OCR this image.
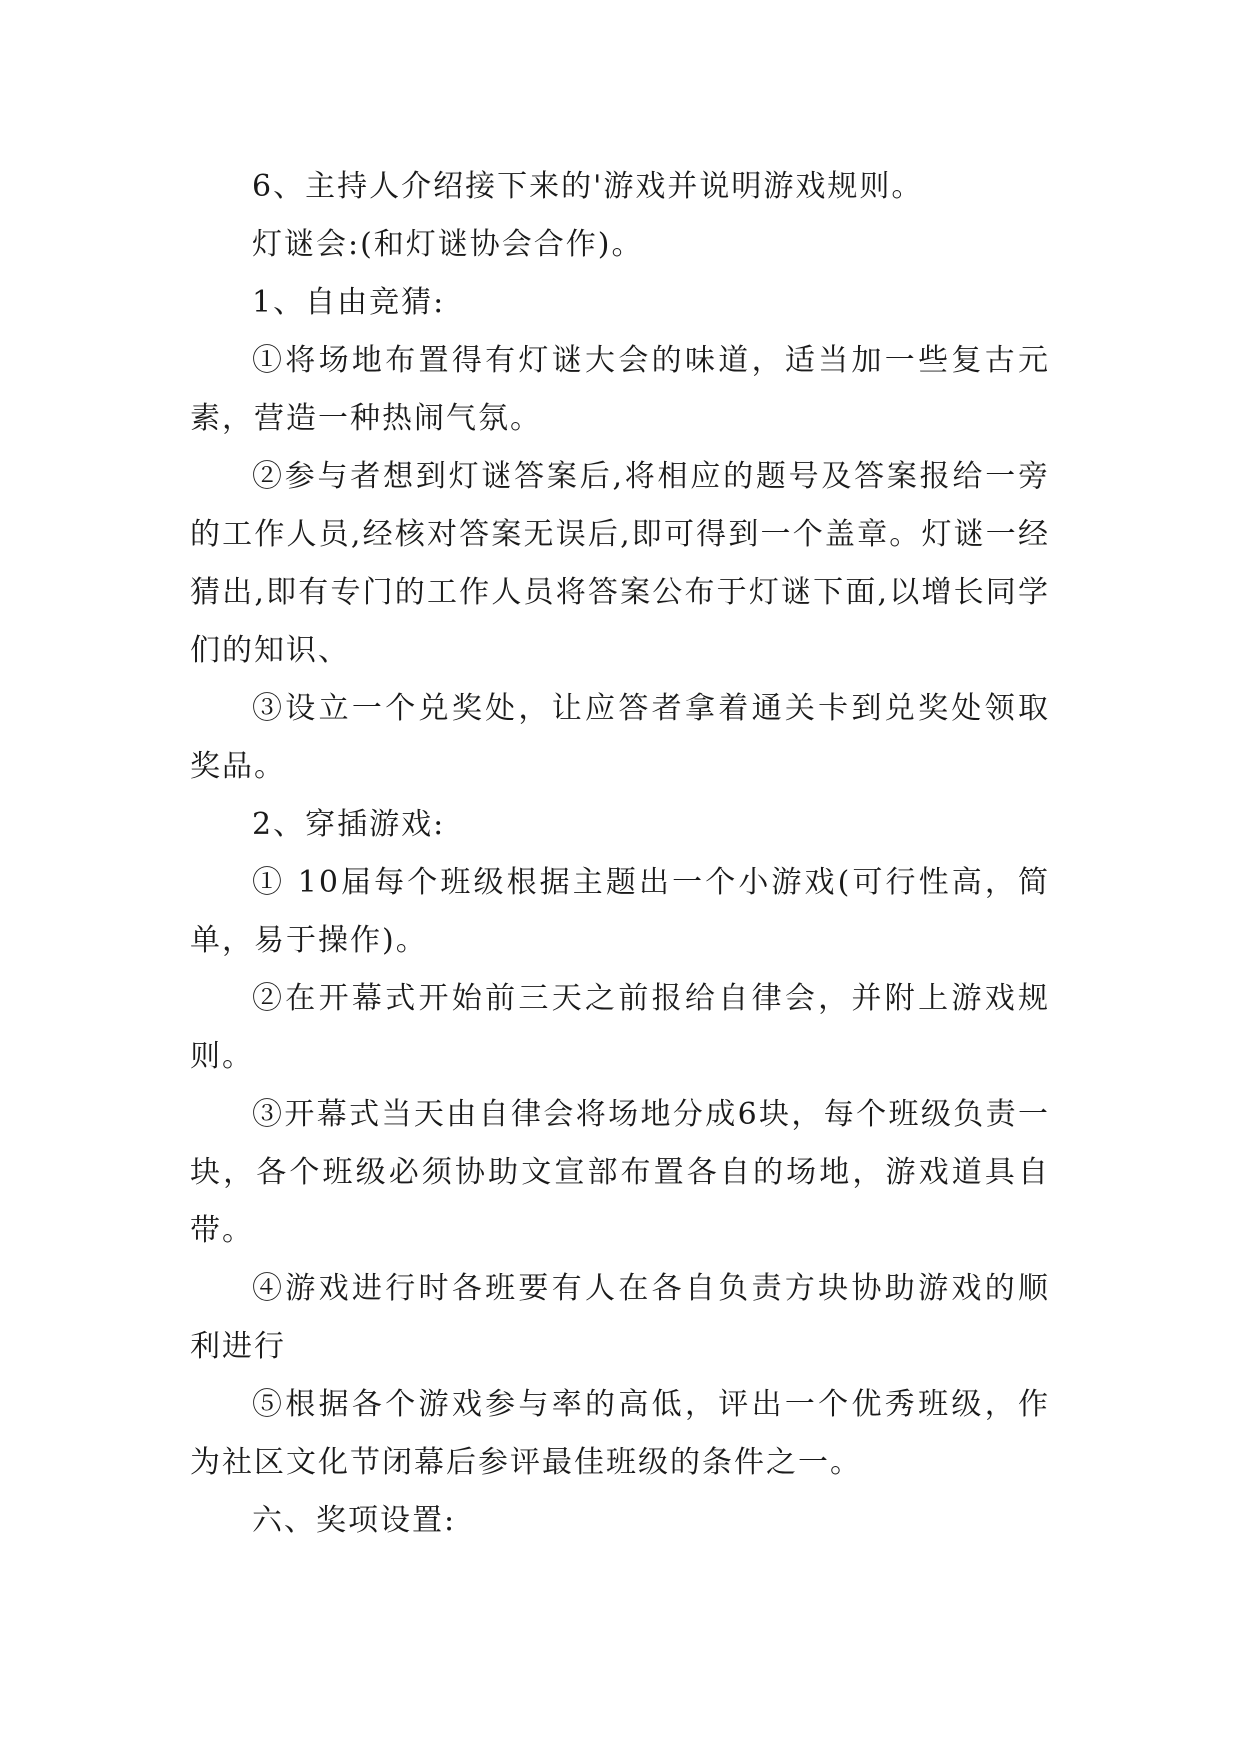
6、主持人介绍接下来的'游戏并说明游戏规则。

灯谜会:(和灯谜协会合作)。

1、自由竞猜:

①将场地布置得有灯谜大会的味道，适当加一些复古元素，营造一种热闹气氛。

②参与者想到灯谜答案后,将相应的题号及答案报给一旁的工作人员,经核对答案无误后,即可得到一个盖章。灯谜一经猜出,即有专门的工作人员将答案公布于灯谜下面,以增长同学们的知识、

③设立一个兑奖处，让应答者拿着通关卡到兑奖处领取奖品。

2、穿插游戏:

① 10届每个班级根据主题出一个小游戏(可行性高，简单，易于操作)。

②在开幕式开始前三天之前报给自律会，并附上游戏规则。

③开幕式当天由自律会将场地分成6块，每个班级负责一块，各个班级必须协助文宣部布置各自的场地，游戏道具自带。

④游戏进行时各班要有人在各自负责方块协助游戏的顺利进行

⑤根据各个游戏参与率的高低，评出一个优秀班级，作为社区文化节闭幕后参评最佳班级的条件之一。

六、奖项设置:
